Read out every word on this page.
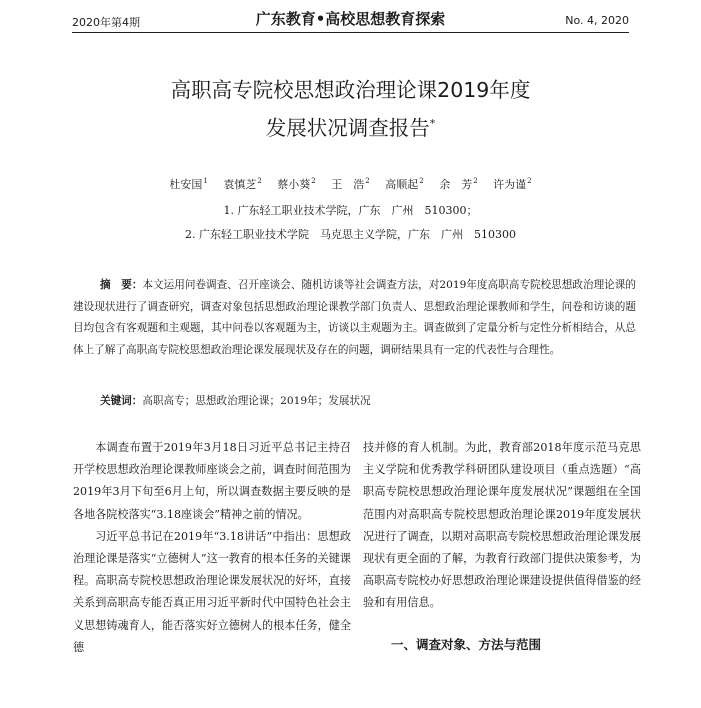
2020年第4期	广东教育•高校思想教育探索	No. 4, 2020
高职高专院校思想政治理论课2019年度
发展状况调查报告*
杜安国$^1$ 袁慎芝$^2$ 蔡小葵$^2$ 王　浩$^2$ 高顺起$^2$ 余　芳$^2$ 许为谨$^2$
1. 广东轻工职业技术学院，广东　广州　510300；
2. 广东轻工职业技术学院　马克思主义学院，广东　广州　510300
摘　要：本文运用问卷调查、召开座谈会、随机访谈等社会调查方法，对2019年度高职高专院校思想政治理论课的建设现状进行了调查研究，调查对象包括思想政治理论课教学部门负责人、思想政治理论课教师和学生，问卷和访谈的题目均包含有客观题和主观题，其中问卷以客观题为主，访谈以主观题为主。调查做到了定量分析与定性分析相结合，从总体上了解了高职高专院校思想政治理论课发展现状及存在的问题，调研结果具有一定的代表性与合理性。
关键词：高职高专；思想政治理论课；2019年；发展状况

本调查布置于2019年3月18日习近平总书记主持召开学校思想政治理论课教师座谈会之前，调查时间范围为2019年3月下旬至6月上旬，所以调查数据主要反映的是各地各院校落实“3.18座谈会”精神之前的情况。

习近平总书记在2019年“3.18讲话”中指出：思想政治理论课是落实“立德树人”这一教育的根本任务的关键课程。高职高专院校思想政治理论课发展状况的好坏，直接关系到高职高专能否真正用习近平新时代中国特色社会主义思想铸魂育人，能否落实好立德树人的根本任务，健全德

技并修的育人机制。为此，教育部2018年度示范马克思主义学院和优秀教学科研团队建设项目（重点选题）“高职高专院校思想政治理论课年度发展状况”课题组在全国范围内对高职高专院校思想政治理论课2019年度发展状况进行了调查，以期对高职高专院校思想政治理论课发展现状有更全面的了解，为教育行政部门提供决策参考，为高职高专院校办好思想政治理论课建设提供值得借鉴的经验和有用信息。

一、调查对象、方法与范围
